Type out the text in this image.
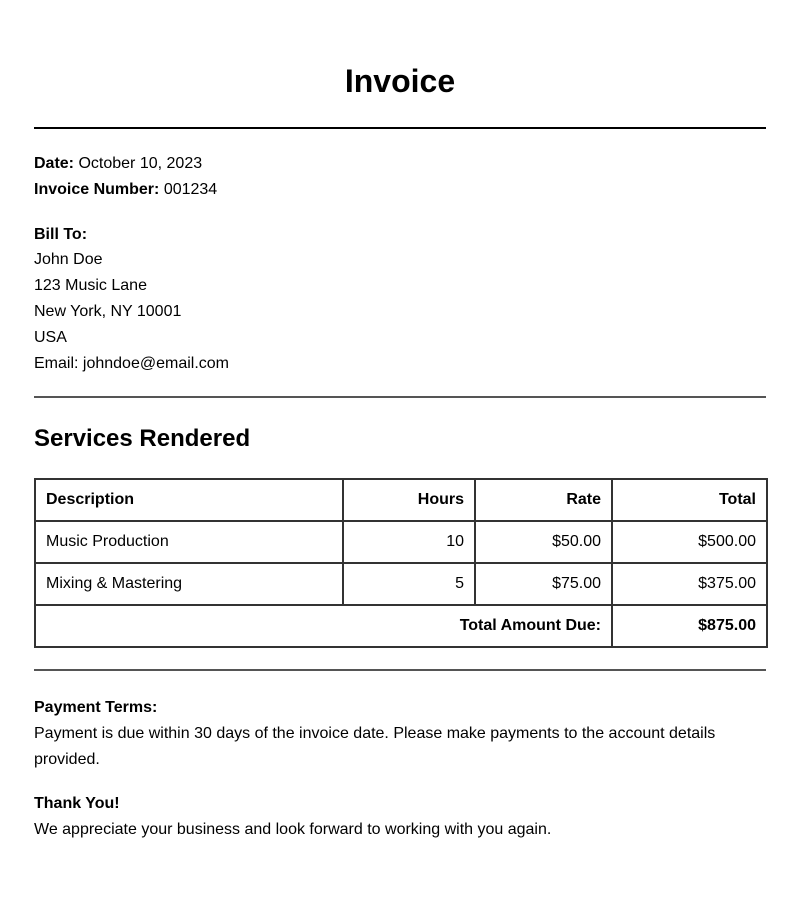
Invoice

Date: October 10, 2023

Invoice Number: 001234

Bill To:

John Doe

123 Music Lane

New York, NY 10001

USA

Email: johndoe@email.com

Services Rendered
Description	Hours	Rate	Total
Music Production	10	$50.00	$500.00
Mixing & Mastering	5	$75.00	$375.00
Total Amount Due:			$875.00

Payment Terms:

Payment is due within 30 days of the invoice date. Please make payments to the account details provided.

Thank You!

We appreciate your business and look forward to working with you again.
